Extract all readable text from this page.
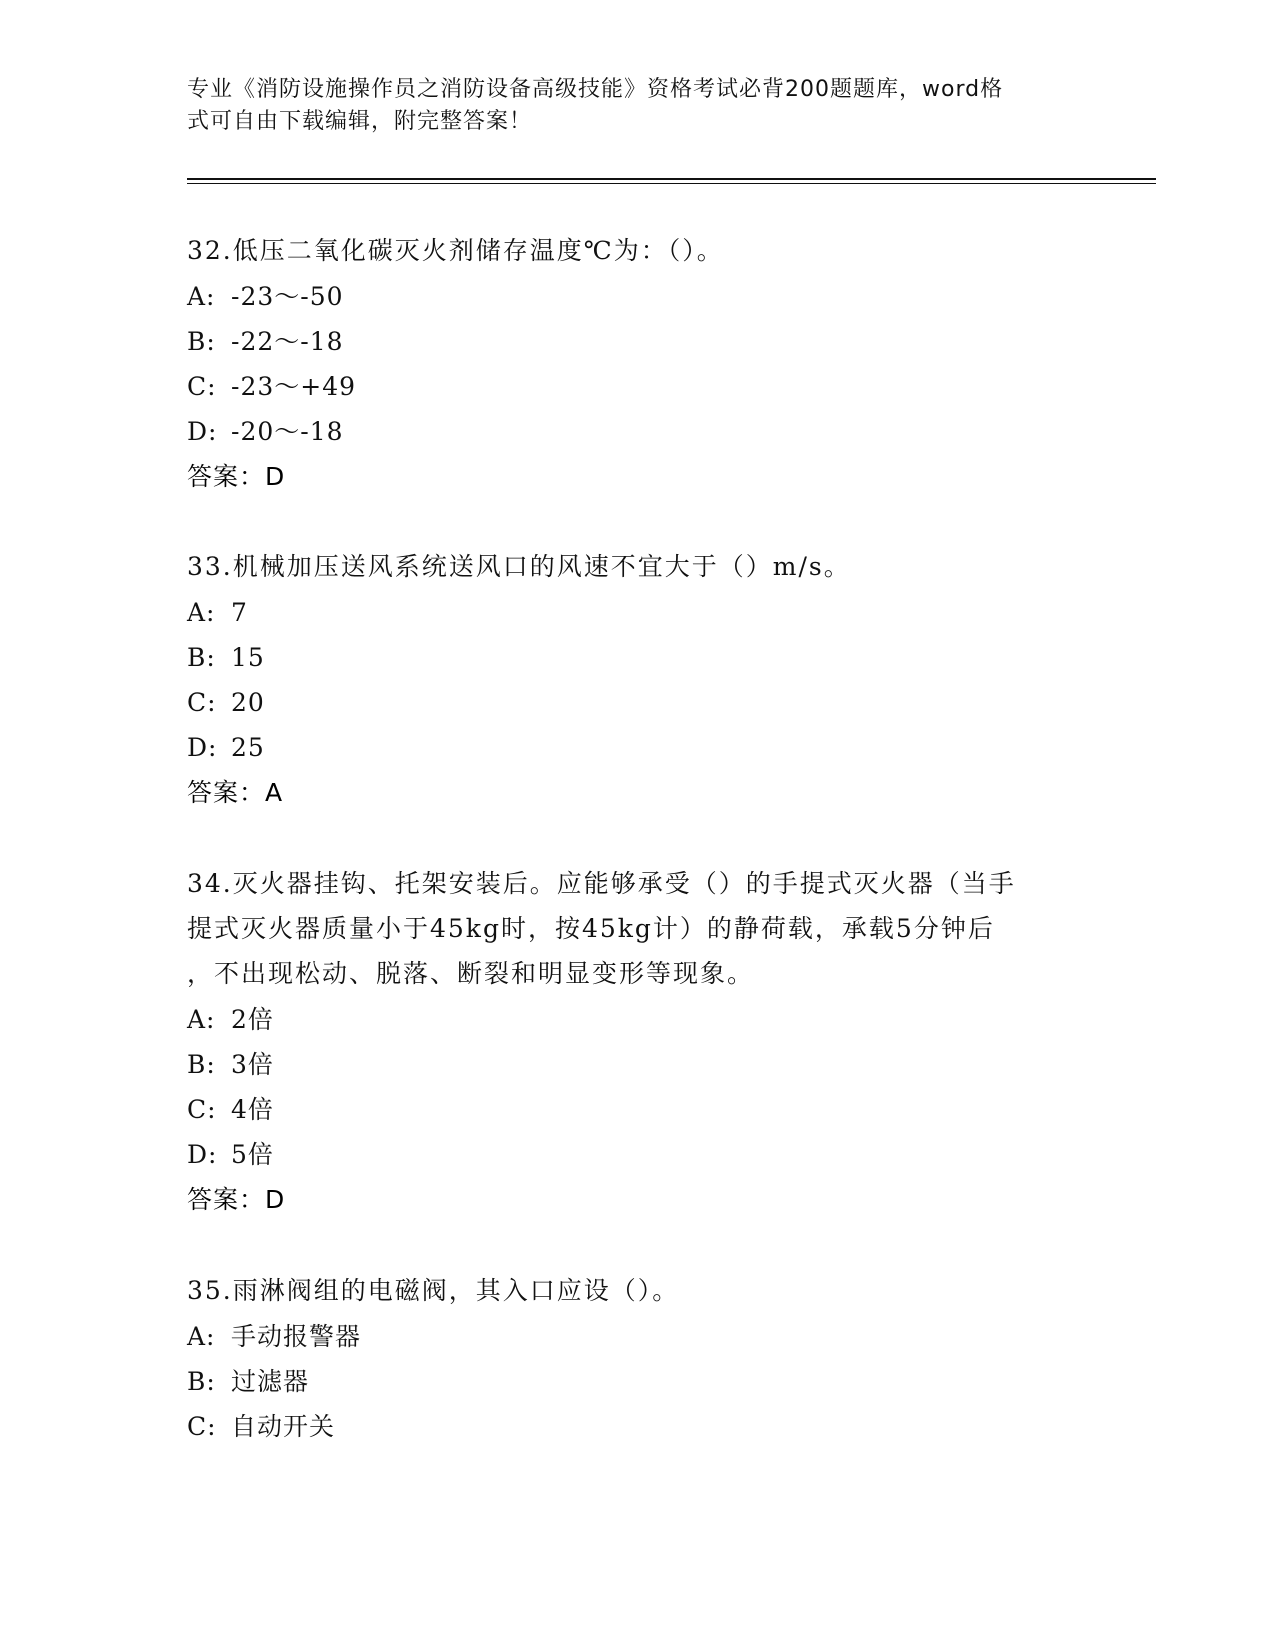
专业《消防设施操作员之消防设备高级技能》资格考试必背200题题库，word格
式可自由下载编辑，附完整答案！
32.低压二氧化碳灭火剂储存温度℃为：（）。
A: -23～-50
B: -22～-18
C: -23～+49
D: -20～-18
答案：D
33.机械加压送风系统送风口的风速不宜大于（）m/s。
A: 7
B: 15
C: 20
D: 25
答案：A
34.灭火器挂钩、托架安装后。应能够承受（）的手提式灭火器（当手
提式灭火器质量小于45kg时，按45kg计）的静荷载，承载5分钟后
，不出现松动、脱落、断裂和明显变形等现象。
A: 2倍
B: 3倍
C: 4倍
D: 5倍
答案：D
35.雨淋阀组的电磁阀，其入口应设（）。
A: 手动报警器
B: 过滤器
C: 自动开关
